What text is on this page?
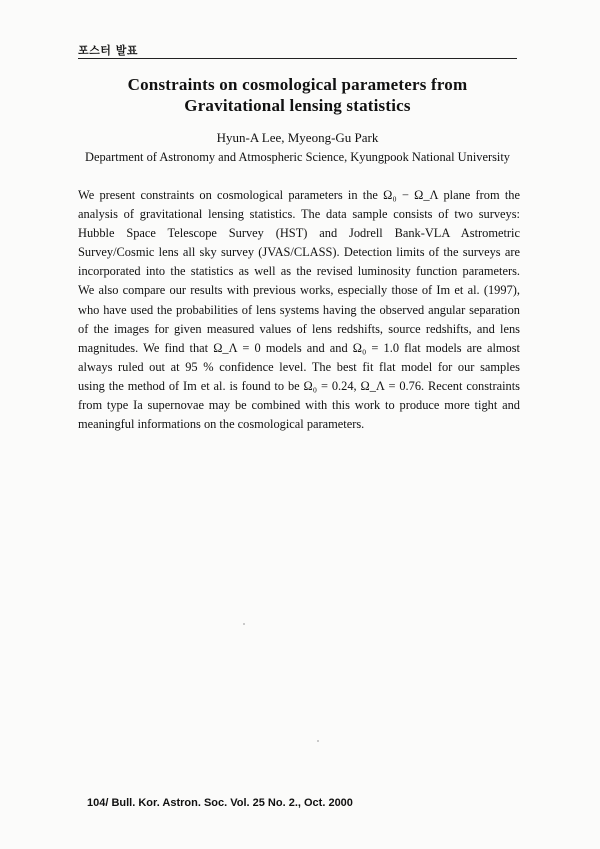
포스터 발표
Constraints on cosmological parameters from
Gravitational lensing statistics
Hyun-A Lee, Myeong-Gu Park
Department of Astronomy and Atmospheric Science, Kyungpook National University
We present constraints on cosmological parameters in the Ω₀ − Ω_Λ plane from the
analysis of gravitational lensing statistics. The data sample consists of two surveys:
Hubble Space Telescope Survey (HST) and Jodrell Bank-VLA Astrometric
Survey/Cosmic lens all sky survey (JVAS/CLASS). Detection limits of the surveys are
incorporated into the statistics as well as the revised luminosity function parameters.
We also compare our results with previous works, especially those of Im et al. (1997),
who have used the probabilities of lens systems having the observed angular separation
of the images for given measured values of lens redshifts, source redshifts, and lens
magnitudes. We find that Ω_Λ = 0 models and and Ω₀ = 1.0 flat models are almost
always ruled out at 95 % confidence level. The best fit flat model for our samples
using the method of Im et al. is found to be Ω₀ = 0.24, Ω_Λ = 0.76. Recent constraints
from type Ia supernovae may be combined with this work to produce more tight and
meaningful informations on the cosmological parameters.
104/ Bull. Kor. Astron. Soc. Vol. 25 No. 2., Oct. 2000
